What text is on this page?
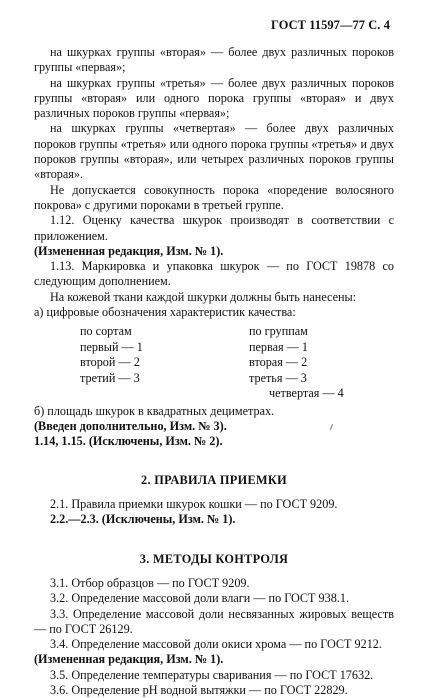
ГОСТ 11597—77 С. 4

на шкурках группы «вторая» — более двух различных пороков группы «первая»;

на шкурках группы «третья» — более двух различных пороков группы «вторая» или одного порока группы «вторая» и двух различных пороков группы «первая»;

на шкурках группы «четвертая» — более двух различных пороков группы «третья» или одного порока группы «третья» и двух пороков группы «вторая», или четырех различных пороков группы «вторая».

Не допускается совокупность порока «поредение волосяного покрова» с другими пороками в третьей группе.

1.12. Оценку качества шкурок производят в соответствии с приложением.

(Измененная редакция, Изм. № 1).

1.13. Маркировка и упаковка шкурок — по ГОСТ 19878 со следующим дополнением.

На кожевой ткани каждой шкурки должны быть нанесены:

а) цифровые обозначения характеристик качества:

по сортам
первый — 1
второй — 2
третий — 3
по группам
первая — 1
вторая — 2
третья — 3
четвертая — 4

б) площадь шкурок в квадратных дециметрах.

(Введен дополнительно, Изм. № 3).

1.14, 1.15. (Исключены, Изм. № 2).

2. ПРАВИЛА ПРИЕМКИ

2.1. Правила приемки шкурок кошки — по ГОСТ 9209.

2.2.—2.3. (Исключены, Изм. № 1).

3. МЕТОДЫ КОНТРОЛЯ

3.1. Отбор образцов — по ГОСТ 9209.

3.2. Определение массовой доли влаги — по ГОСТ 938.1.

3.3. Определение массовой доли несвязанных жировых веществ — по ГОСТ 26129.

3.4. Определение массовой доли окиси хрома — по ГОСТ 9212.

(Измененная редакция, Изм. № 1).

3.5. Определение температуры сваривания — по ГОСТ 17632.

3.6. Определение pH водной вытяжки — по ГОСТ 22829.
